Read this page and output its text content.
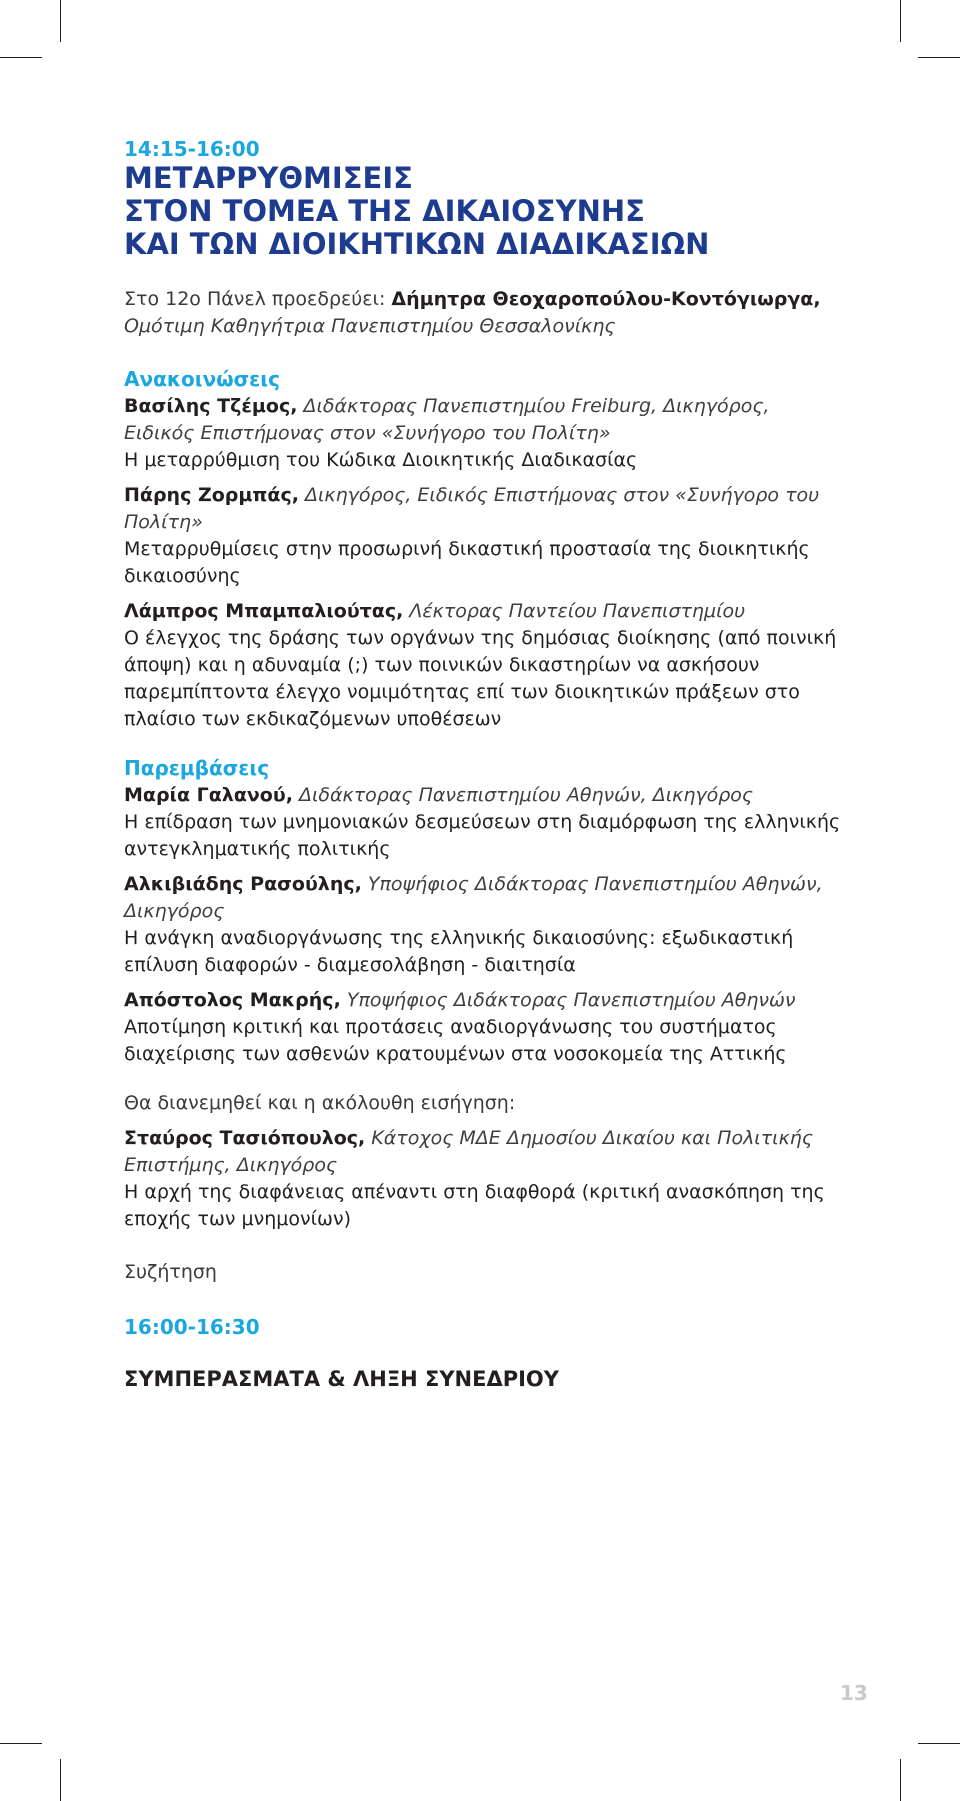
14:15-16:00
ΜΕΤΑΡΡΥΘΜΙΣΕΙΣ
ΣΤΟΝ ΤΟΜΕΑ ΤΗΣ ΔΙΚΑΙΟΣΥΝΗΣ
ΚΑΙ ΤΩΝ ΔΙΟΙΚΗΤΙΚΩΝ ΔΙΑΔΙΚΑΣΙΩΝ
Στο 12ο Πάνελ προεδρεύει: Δήμητρα Θεοχαροπούλου-Κοντόγιωργα, Ομότιμη Καθηγήτρια Πανεπιστημίου Θεσσαλονίκης
Ανακοινώσεις
Βασίλης Τζέμος, Διδάκτορας Πανεπιστημίου Freiburg, Δικηγόρος, Ειδικός Επιστήμονας στον «Συνήγορο του Πολίτη»
Η μεταρρύθμιση του Κώδικα Διοικητικής Διαδικασίας
Πάρης Ζορμπάς, Δικηγόρος, Ειδικός Επιστήμονας στον «Συνήγορο του Πολίτη»
Μεταρρυθμίσεις στην προσωρινή δικαστική προστασία της διοικητικής δικαιοσύνης
Λάμπρος Μπαμπαλιούτας, Λέκτορας Παντείου Πανεπιστημίου
Ο έλεγχος της δράσης των οργάνων της δημόσιας διοίκησης (από ποινική άποψη) και η αδυναμία (;) των ποινικών δικαστηρίων να ασκήσουν παρεμπίπτοντα έλεγχο νομιμότητας επί των διοικητικών πράξεων στο πλαίσιο των εκδικαζόμενων υποθέσεων
Παρεμβάσεις
Μαρία Γαλανού, Διδάκτορας Πανεπιστημίου Αθηνών, Δικηγόρος
Η επίδραση των μνημονιακών δεσμεύσεων στη διαμόρφωση της ελληνικής αντεγκληματικής πολιτικής
Αλκιβιάδης Ρασούλης, Υποψήφιος Διδάκτορας Πανεπιστημίου Αθηνών, Δικηγόρος
Η ανάγκη αναδιοργάνωσης της ελληνικής δικαιοσύνης: εξωδικαστική επίλυση διαφορών - διαμεσολάβηση - διαιτησία
Απόστολος Μακρής, Υποψήφιος Διδάκτορας Πανεπιστημίου Αθηνών
Αποτίμηση κριτική και προτάσεις αναδιοργάνωσης του συστήματος διαχείρισης των ασθενών κρατουμένων στα νοσοκομεία της Αττικής
Θα διανεμηθεί και η ακόλουθη εισήγηση:
Σταύρος Τασιόπουλος, Κάτοχος ΜΔΕ Δημοσίου Δικαίου και Πολιτικής Επιστήμης, Δικηγόρος
Η αρχή της διαφάνειας απέναντι στη διαφθορά (κριτική ανασκόπηση της εποχής των μνημονίων)
Συζήτηση
16:00-16:30
ΣΥΜΠΕΡΑΣΜΑΤΑ & ΛΗΞΗ ΣΥΝΕΔΡΙΟΥ
13
